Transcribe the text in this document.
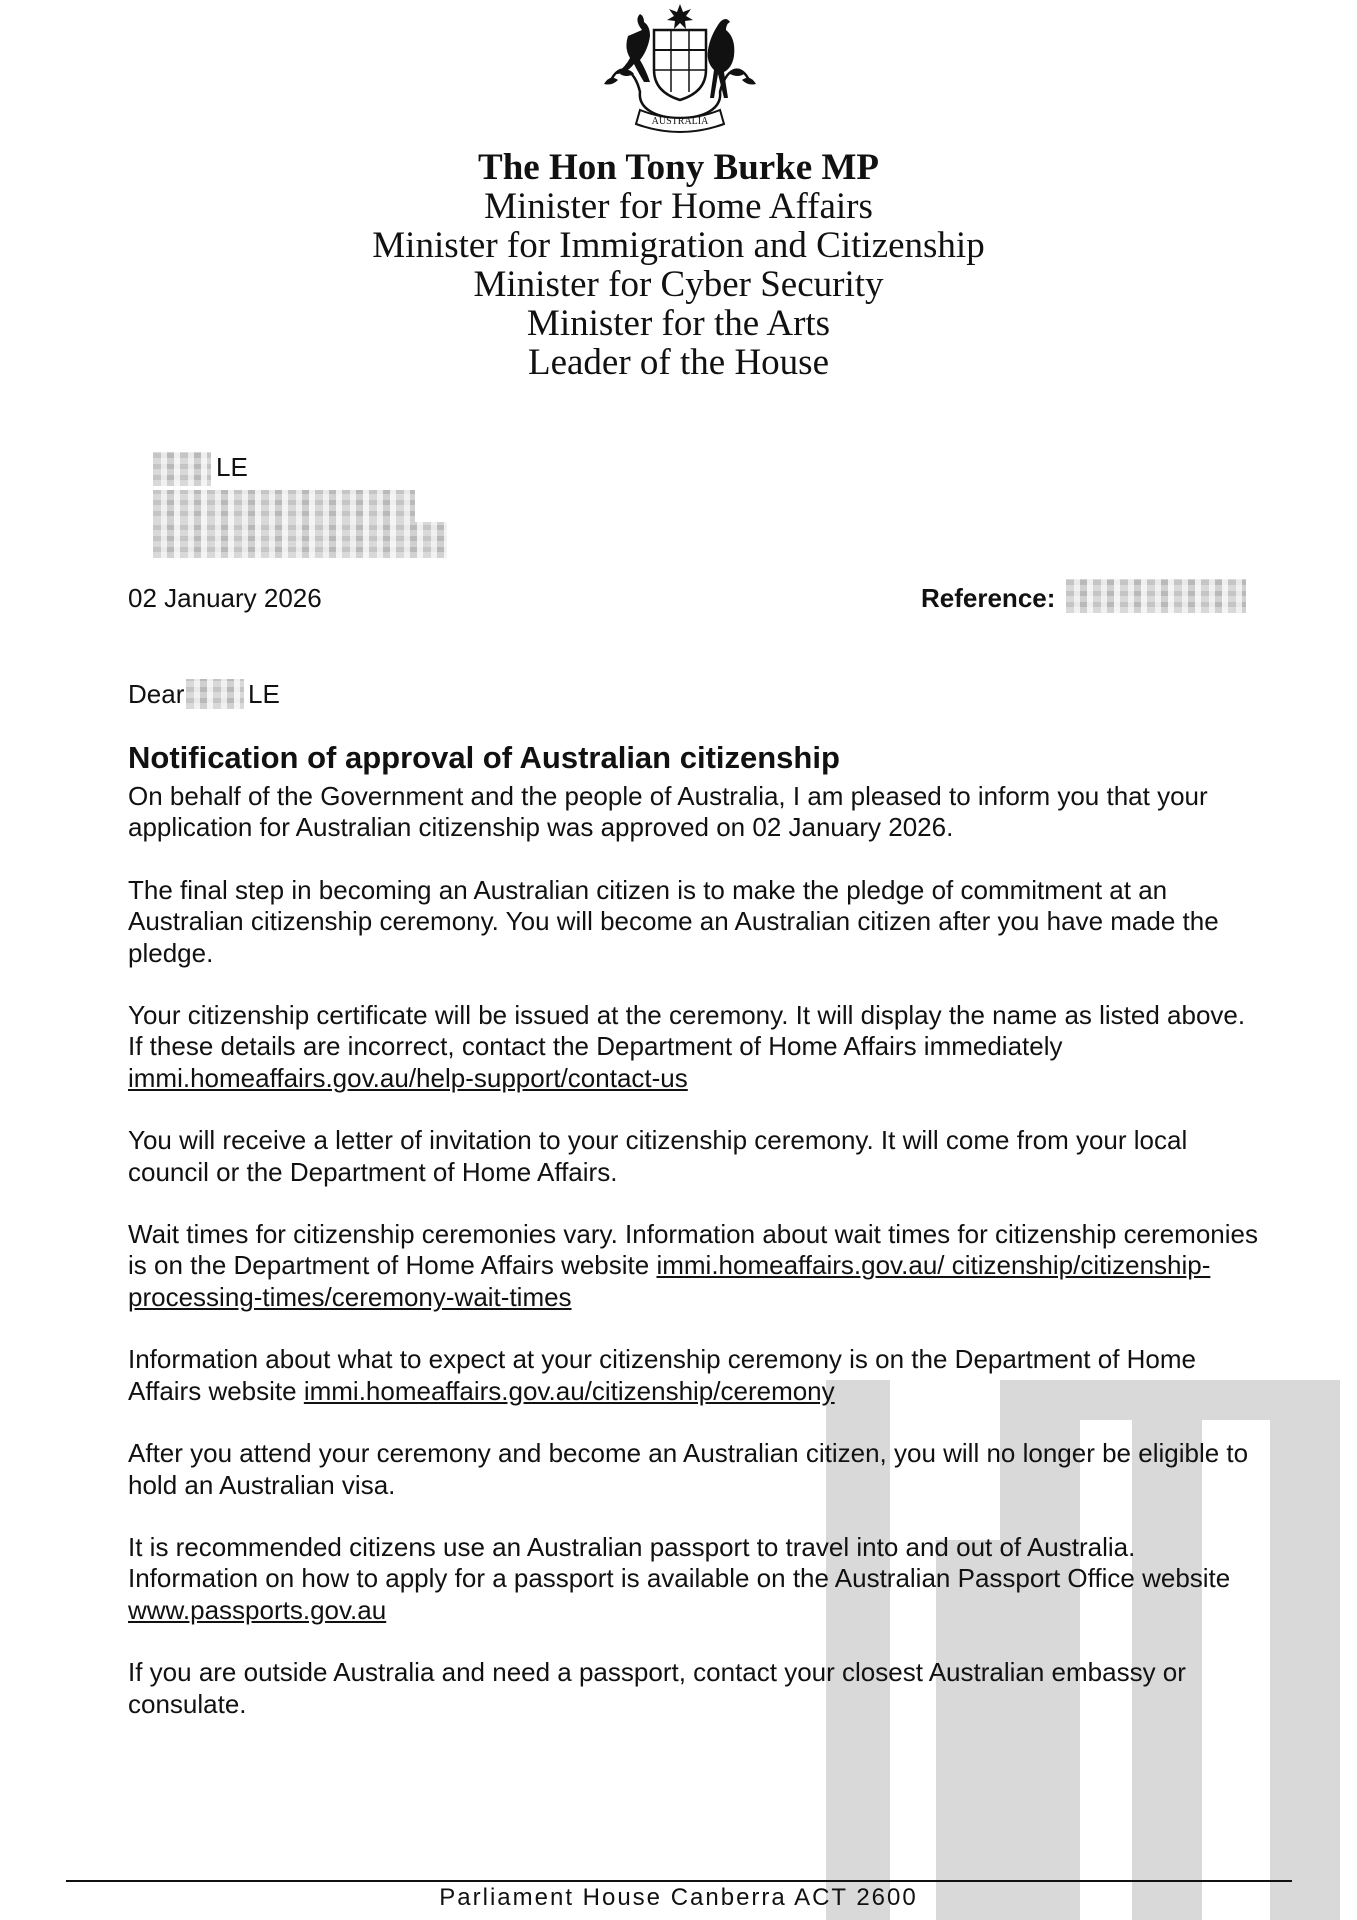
AUSTRALIA
The Hon Tony Burke MP
Minister for Home Affairs
Minister for Immigration and Citizenship
Minister for Cyber Security
Minister for the Arts
Leader of the House
LE
02 January 2026	Reference:
Dear LE
Notification of approval of Australian citizenship

On behalf of the Government and the people of Australia, I am pleased to inform you that your application for Australian citizenship was approved on 02 January 2026.

The final step in becoming an Australian citizen is to make the pledge of commitment at an Australian citizenship ceremony. You will become an Australian citizen after you have made the pledge.

Your citizenship certificate will be issued at the ceremony. It will display the name as listed above. If these details are incorrect, contact the Department of Home Affairs immediately immi.homeaffairs.gov.au/help-support/contact-us

You will receive a letter of invitation to your citizenship ceremony. It will come from your local council or the Department of Home Affairs.

Wait times for citizenship ceremonies vary. Information about wait times for citizenship ceremonies is on the Department of Home Affairs website immi.homeaffairs.gov.au/ citizenship/citizenship-processing-times/ceremony-wait-times

Information about what to expect at your citizenship ceremony is on the Department of Home Affairs website immi.homeaffairs.gov.au/citizenship/ceremony

After you attend your ceremony and become an Australian citizen, you will no longer be eligible to hold an Australian visa.

It is recommended citizens use an Australian passport to travel into and out of Australia. Information on how to apply for a passport is available on the Australian Passport Office website www.passports.gov.au

If you are outside Australia and need a passport, contact your closest Australian embassy or consulate.

Parliament House Canberra ACT 2600
